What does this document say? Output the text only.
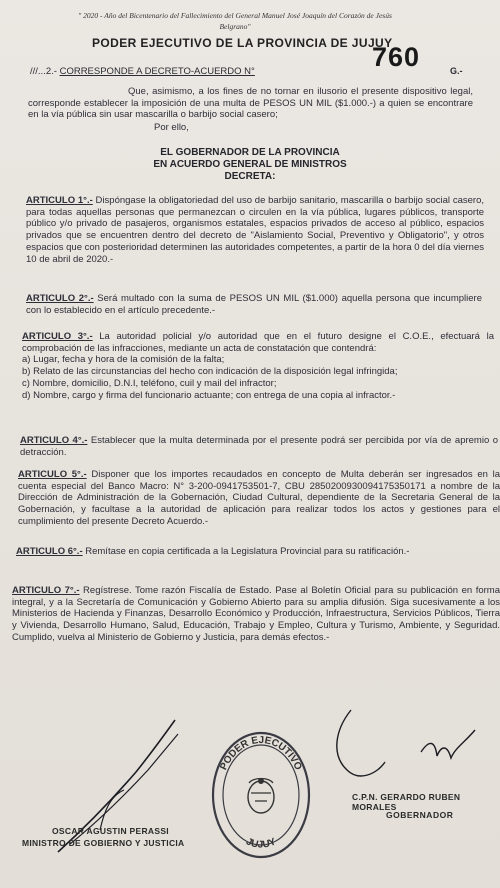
" 2020 - Año del Bicentenario del Fallecimiento del General Manuel José Joaquín del Corazón de Jesús Belgrano"
PODER EJECUTIVO DE LA PROVINCIA DE JUJUY
760	G.-
///...2.- CORRESPONDE A DECRETO-ACUERDO N°
Que, asimismo, a los fines de no tornar en ilusorio el presente dispositivo legal, corresponde establecer la imposición de una multa de PESOS UN MIL ($1.000.-) a quien se encontrare en la vía pública sin usar mascarilla o barbijo social casero;
Por ello,
EL GOBERNADOR DE LA PROVINCIA
EN ACUERDO GENERAL DE MINISTROS
DECRETA:
ARTICULO 1°.- Dispóngase la obligatoriedad del uso de barbijo sanitario, mascarilla o barbijo social casero, para todas aquellas personas que permanezcan o circulen en la vía pública, lugares públicos, transporte público y/o privado de pasajeros, organismos estatales, espacios privados de acceso al público, espacios privados que se encuentren dentro del decreto de "Aislamiento Social, Preventivo y Obligatorio", y otros espacios que con posterioridad determinen las autoridades competentes, a partir de la hora 0 del día viernes 10 de abril de 2020.-
ARTICULO 2°.- Será multado con la suma de PESOS UN MIL ($1.000) aquella persona que incumpliere con lo establecido en el artículo precedente.-
ARTICULO 3°.- La autoridad policial y/o autoridad que en el futuro designe el C.O.E., efectuará la comprobación de las infracciones, mediante un acta de constatación que contendrá:
a) Lugar, fecha y hora de la comisión de la falta;
b) Relato de las circunstancias del hecho con indicación de la disposición legal infringida;
c) Nombre, domicilio, D.N.I, teléfono, cuil y mail del infractor;
d) Nombre, cargo y firma del funcionario actuante; con entrega de una copia al infractor.-
ARTICULO 4°.- Establecer que la multa determinada por el presente podrá ser percibida por vía de apremio o detracción.
ARTICULO 5°.- Disponer que los importes recaudados en concepto de Multa deberán ser ingresados en la cuenta especial del Banco Macro: N° 3-200-0941753501-7, CBU 2850200930094175350171 a nombre de la Dirección de Administración de la Gobernación, Ciudad Cultural, dependiente de la Secretaria General de la Gobernación, y facultase a la autoridad de aplicación para realizar todos los actos y gestiones para el cumplimiento del presente Decreto Acuerdo.-
ARTICULO 6°.- Remítase en copia certificada a la Legislatura Provincial para su ratificación.-
ARTICULO 7°.- Regístrese. Tome razón Fiscalía de Estado. Pase al Boletín Oficial para su publicación en forma integral, y a la Secretaría de Comunicación y Gobierno Abierto para su amplia difusión. Siga sucesivamente a los Ministerios de Hacienda y Finanzas, Desarrollo Económico y Producción, Infraestructura, Servicios Públicos, Tierra y Vivienda, Desarrollo Humano, Salud, Educación, Trabajo y Empleo, Cultura y Turismo, Ambiente, y Seguridad. Cumplido, vuelva al Ministerio de Gobierno y Justicia, para demás efectos.-
PODER EJECUTIVO
JUJUY
OSCAR AGUSTIN PERASSI
MINISTRO DE GOBIERNO Y JUSTICIA
C.P.N. GERARDO RUBEN MORALES
GOBERNADOR
